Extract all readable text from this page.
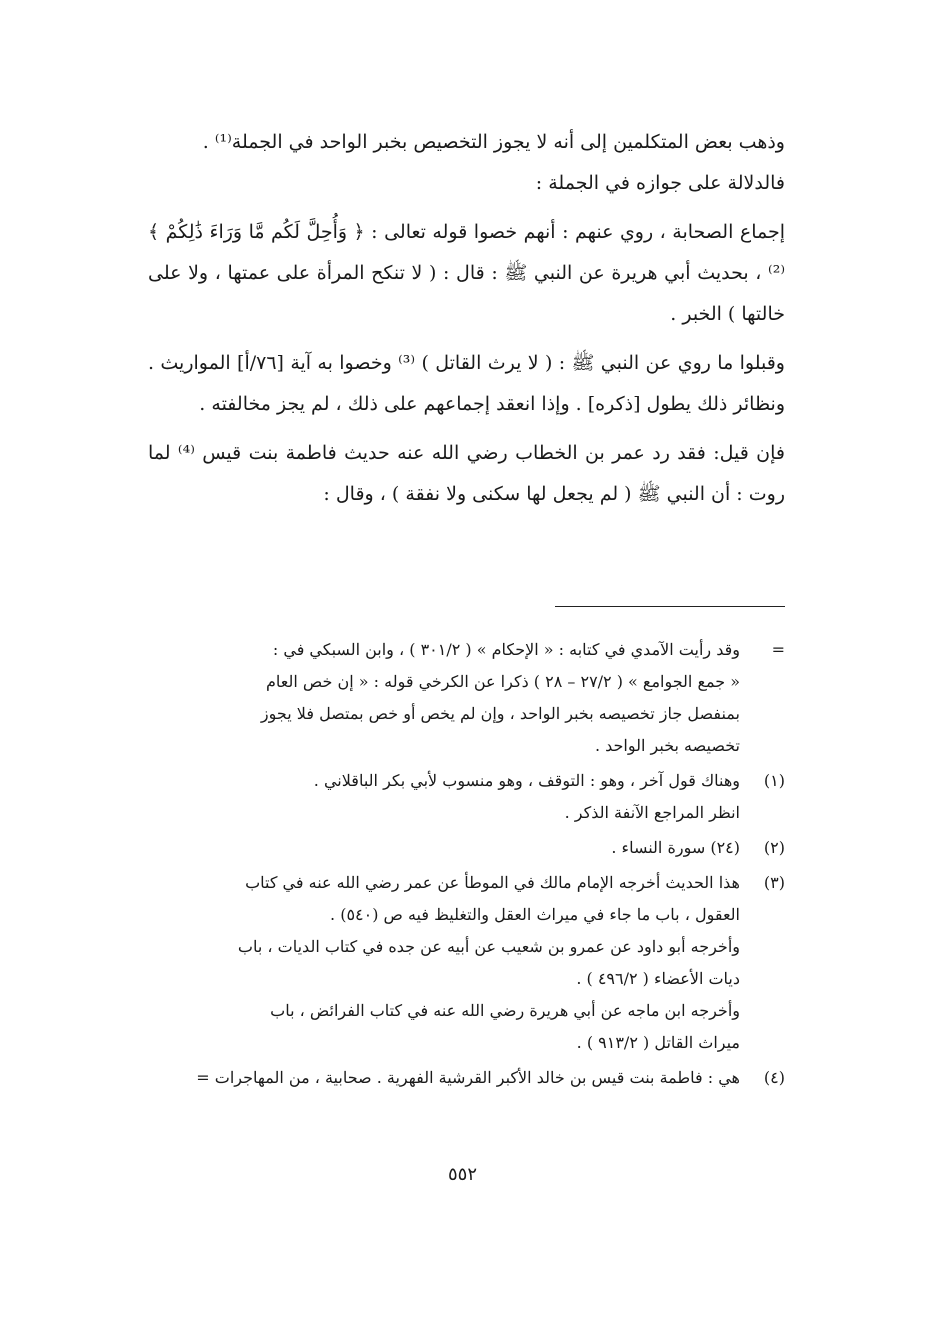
وذهب بعض المتكلمين إلى أنه لا يجوز التخصيص بخبر الواحد في الجملة⁽¹⁾ .

فالدلالة على جوازه في الجملة :

إجماع الصحابة ، روي عنهم : أنهم خصوا قوله تعالى : ﴿ وَأُحِلَّ لَكُم مَّا وَرَاءَ ذَٰلِكُمْ ﴾ ⁽²⁾ ، بحديث أبي هريرة عن النبي ﷺ : قال : ( لا تنكح المرأة على عمتها ، ولا على خالتها ) الخبر .

وقبلوا ما روي عن النبي ﷺ : ( لا يرث القاتل ) ⁽³⁾ وخصوا به آية [٧٦/أ] المواريث . ونظائر ذلك يطول [ذكره] . وإذا انعقد إجماعهم على ذلك ، لم يجز مخالفته .

فإن قيل: فقد رد عمر بن الخطاب رضي الله عنه حديث فاطمة بنت قيس ⁽⁴⁾ لما روت : أن النبي ﷺ ( لم يجعل لها سكنى ولا نفقة ) ، وقال :

=
وقد رأيت الآمدي في كتابه : « الإحكام » ( ٣٠١/٢ ) ، وابن السبكي في :
« جمع الجوامع » ( ٢٧/٢ – ٢٨ ) ذكرا عن الكرخي قوله : « إن خص العام
بمنفصل جاز تخصيصه بخبر الواحد ، وإن لم يخص أو خص بمتصل فلا يجوز
تخصيصه بخبر الواحد .
(١)
وهناك قول آخر ، وهو : التوقف ، وهو منسوب لأبي بكر الباقلاني .
انظر المراجع الآنفة الذكر .
(٢)
(٢٤) سورة النساء .
(٣)
هذا الحديث أخرجه الإمام مالك في الموطأ عن عمر رضي الله عنه في كتاب
العقول ، باب ما جاء في ميراث العقل والتغليظ فيه ص (٥٤٠) .
وأخرجه أبو داود عن عمرو بن شعيب عن أبيه عن جده في كتاب الديات ، باب
ديات الأعضاء ( ٤٩٦/٢ ) .
وأخرجه ابن ماجه عن أبي هريرة رضي الله عنه في كتاب الفرائض ، باب
ميراث القاتل ( ٩١٣/٢ ) .
(٤)
هي : فاطمة بنت قيس بن خالد الأكبر القرشية الفهرية . صحابية ، من المهاجرات =
٥٥٢
